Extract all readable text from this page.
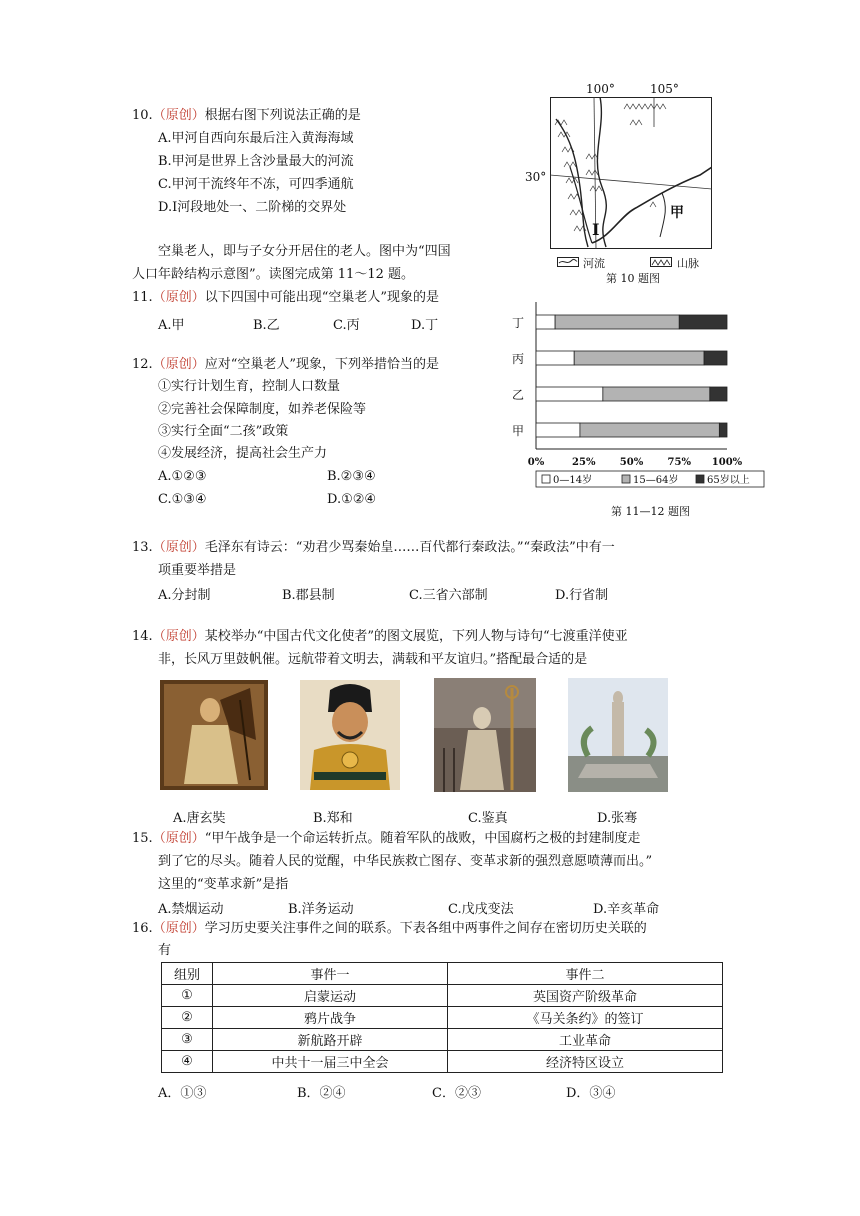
10.（原创）根据右图下列说法正确的是
A.甲河自西向东最后注入黄海海域
B.甲河是世界上含沙量最大的河流
C.甲河干流终年不冻，可四季通航
D.Ⅰ河段地处一、二阶梯的交界处
100°	105°
30°
甲
Ⅰ
河流	山脉
第 10 题图
空巢老人，即与子女分开居住的老人。图中为“四国
人口年龄结构示意图”。读图完成第 11～12 题。
11.（原创）以下四国中可能出现“空巢老人”现象的是
A.甲	B.乙	C.丙	D.丁
12.（原创）应对“空巢老人”现象，下列举措恰当的是
①实行计划生育，控制人口数量
②完善社会保障制度，如养老保险等
③实行全面“二孩”政策
④发展经济，提高社会生产力
A.①②③	B.②③④
C.①③④	D.①②④
丁
丙
乙
甲
0%	25% 50% 75% 100%
0—14岁	15—64岁	65岁以上
第 11—12 题图
13.（原创）毛泽东有诗云：“劝君少骂秦始皇……百代都行秦政法。”“秦政法”中有一
项重要举措是
A.分封制	B.郡县制	C.三省六部制	D.行省制
14.（原创）某校举办“中国古代文化使者”的图文展览，下列人物与诗句“七渡重洋使亚
非，长风万里鼓帆催。远航带着文明去，满载和平友谊归。”搭配最合适的是
A.唐玄奘	B.郑和	C.鉴真	D.张骞
15.（原创）“甲午战争是一个命运转折点。随着军队的战败，中国腐朽之极的封建制度走
到了它的尽头。随着人民的觉醒，中华民族救亡图存、变革求新的强烈意愿喷薄而出。”
这里的“变革求新”是指
A.禁烟运动	B.洋务运动	C.戊戌变法	D.辛亥革命
16.（原创）学习历史要关注事件之间的联系。下表各组中两事件之间存在密切历史关联的
有
组别	事件一	事件二
①	启蒙运动	英国资产阶级革命
②	鸦片战争	《马关条约》的签订
③	新航路开辟	工业革命
④	中共十一届三中全会	经济特区设立
A．①③	B．②④	C．②③	D．③④
